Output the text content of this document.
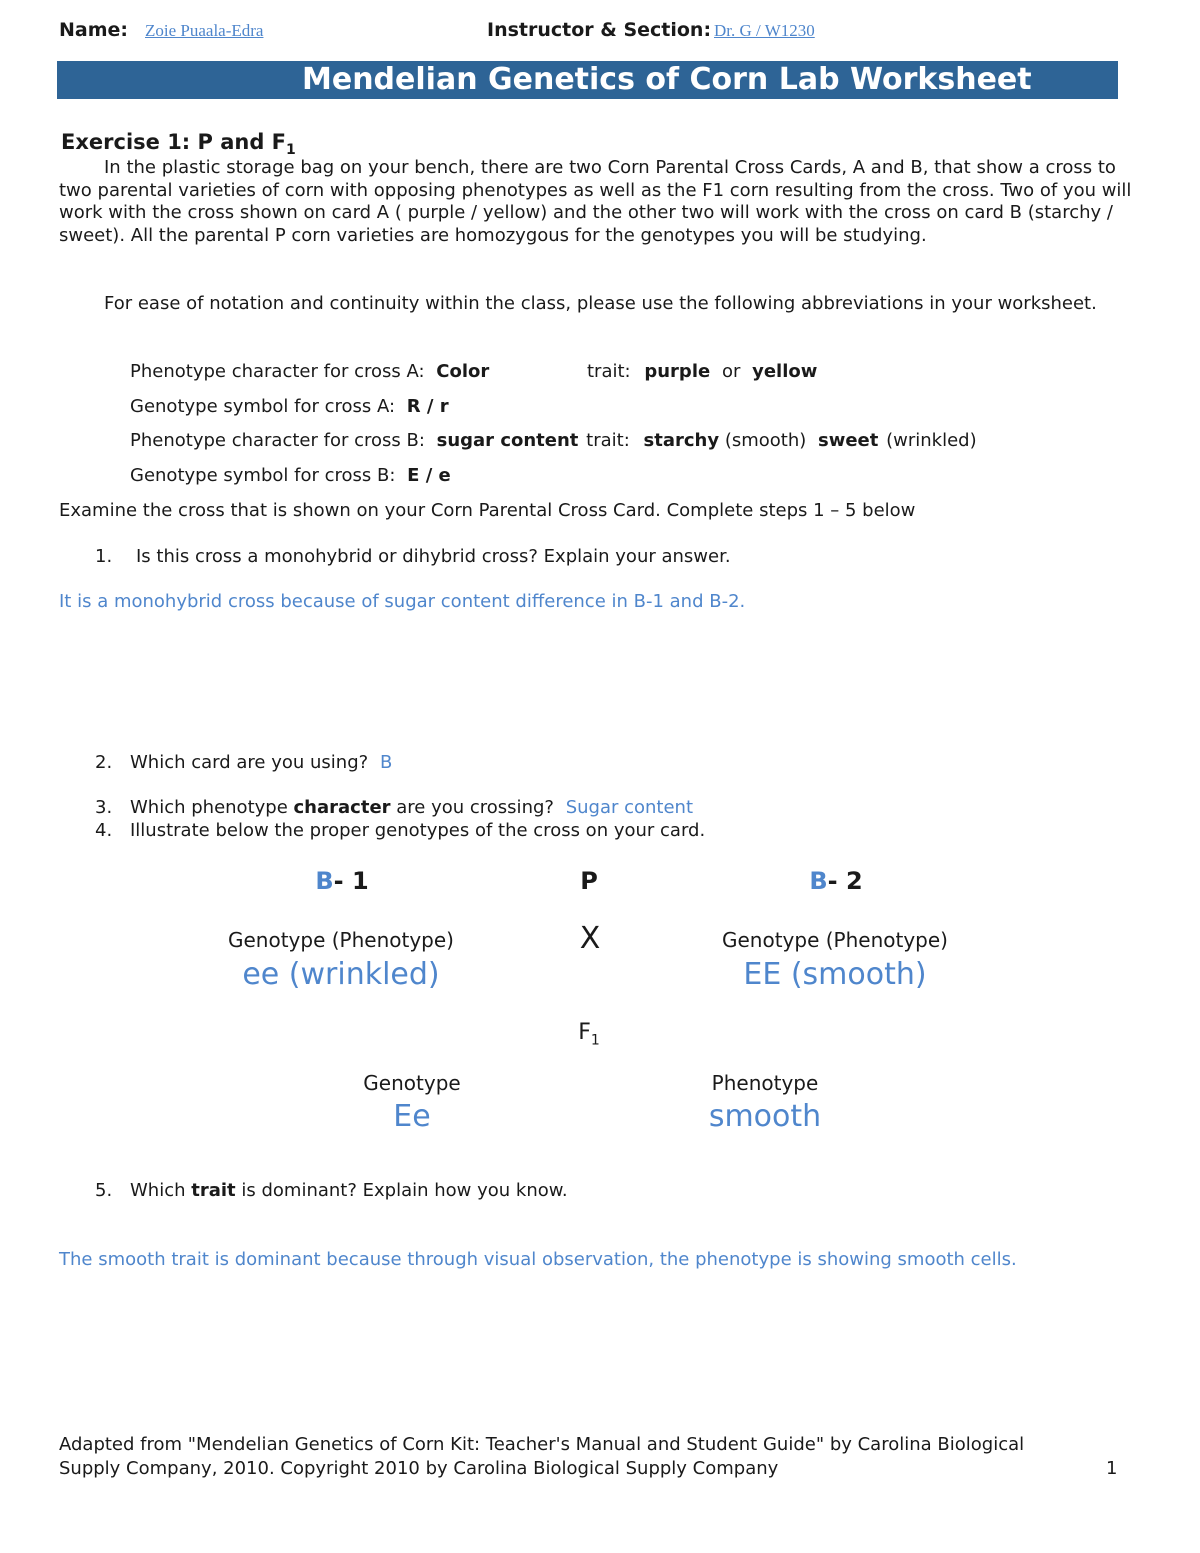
Name: Zoie Puaala-Edra	Instructor & Section: Dr. G / W1230
Mendelian Genetics of Corn Lab Worksheet
Exercise 1: P and $F_1$
In the plastic storage bag on your bench, there are two Corn Parental Cross Cards, A and B, that show a cross to two parental varieties of corn with opposing phenotypes as well as the F1 corn resulting from the cross. Two of you will work with the cross shown on card A ( purple / yellow) and the other two will work with the cross on card B (starchy / sweet). All the parental P corn varieties are homozygous for the genotypes you will be studying.
For ease of notation and continuity within the class, please use the following abbreviations in your worksheet.
Phenotype character for cross A: Color	trait: purple or yellow
Genotype symbol for cross A: R / r
Phenotype character for cross B: sugar content trait: starchy (smooth) sweet (wrinkled)
Genotype symbol for cross B: E / e
Examine the cross that is shown on your Corn Parental Cross Card. Complete steps 1 – 5 below
1. Is this cross a monohybrid or dihybrid cross? Explain your answer.
It is a monohybrid cross because of sugar content difference in B-1 and B-2.
2. Which card are you using? B
3. Which phenotype character are you crossing? Sugar content
4. Illustrate below the proper genotypes of the cross on your card.
B- 1	P	B- 2
Genotype (Phenotype)	X	Genotype (Phenotype)
ee (wrinkled)	EE (smooth)
$F_1$
Genotype	Phenotype
Ee	smooth
5. Which trait is dominant? Explain how you know.
The smooth trait is dominant because through visual observation, the phenotype is showing smooth cells.
Adapted from "Mendelian Genetics of Corn Kit: Teacher's Manual and Student Guide" by Carolina Biological
Supply Company, 2010. Copyright 2010 by Carolina Biological Supply Company	1
